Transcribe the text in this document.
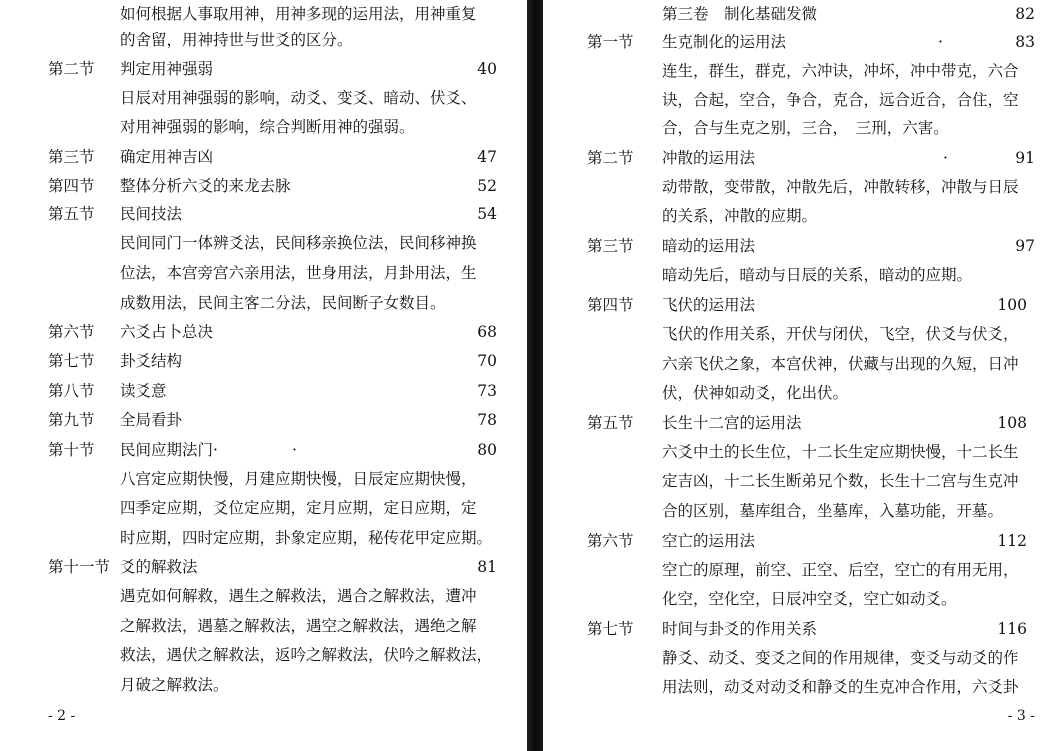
如何根据人事取用神，用神多现的运用法，用神重复
的舍留，用神持世与世爻的区分。
第二节 判定用神强弱	40
日辰对用神强弱的影响，动爻、变爻、暗动、伏爻、
对用神强弱的影响，综合判断用神的强弱。
第三节 确定用神吉凶	47
第四节 整体分析六爻的来龙去脉	52
第五节 民间技法	54
民间同门一体辨爻法，民间移亲换位法，民间移神换
位法，本宫旁宫六亲用法，世身用法，月卦用法，生
成数用法，民间主客二分法，民间断子女数目。
第六节 六爻占卜总决	68
第七节 卦爻结构	70
第八节 读爻意	73
第九节 全局看卦	78
第十节 民间应期法门·	·	80
八宫定应期快慢，月建应期快慢，日辰定应期快慢，
四季定应期，爻位定应期，定月应期，定日应期，定
时应期，四时定应期，卦象定应期，秘传花甲定应期。
第十一节 爻的解救法	81
遇克如何解救，遇生之解救法，遇合之解救法，遭冲
之解救法，遇墓之解救法，遇空之解救法，遇绝之解
救法，遇伏之解救法，返吟之解救法，伏吟之解救法，
月破之解救法。
- 2 -
第三卷　制化基础发微	82
第一节 生克制化的运用法	·	83
连生，群生，群克，六冲诀，冲坏，冲中带克，六合
诀，合起，空合，争合，克合，远合近合，合住，空
合，合与生克之别，三合，　三刑，六害。
第二节 冲散的运用法	·	91
动带散，变带散，冲散先后，冲散转移，冲散与日辰
的关系，冲散的应期。
第三节 暗动的运用法	97
暗动先后，暗动与日辰的关系，暗动的应期。
第四节 飞伏的运用法	100
飞伏的作用关系，开伏与闭伏，飞空，伏爻与伏爻，
六亲飞伏之象，本宫伏神，伏藏与出现的久短，日冲
伏，伏神如动爻，化出伏。
第五节 长生十二宫的运用法	108
六爻中土的长生位，十二长生定应期快慢，十二长生
定吉凶，十二长生断弟兄个数，长生十二宫与生克冲
合的区别，墓库组合，坐墓库，入墓功能，开墓。
第六节 空亡的运用法	112
空亡的原理，前空、正空、后空，空亡的有用无用，
化空，空化空，日辰冲空爻，空亡如动爻。
第七节 时间与卦爻的作用关系	116
静爻、动爻、变爻之间的作用规律，变爻与动爻的作
用法则，动爻对动爻和静爻的生克冲合作用，六爻卦
- 3 -
